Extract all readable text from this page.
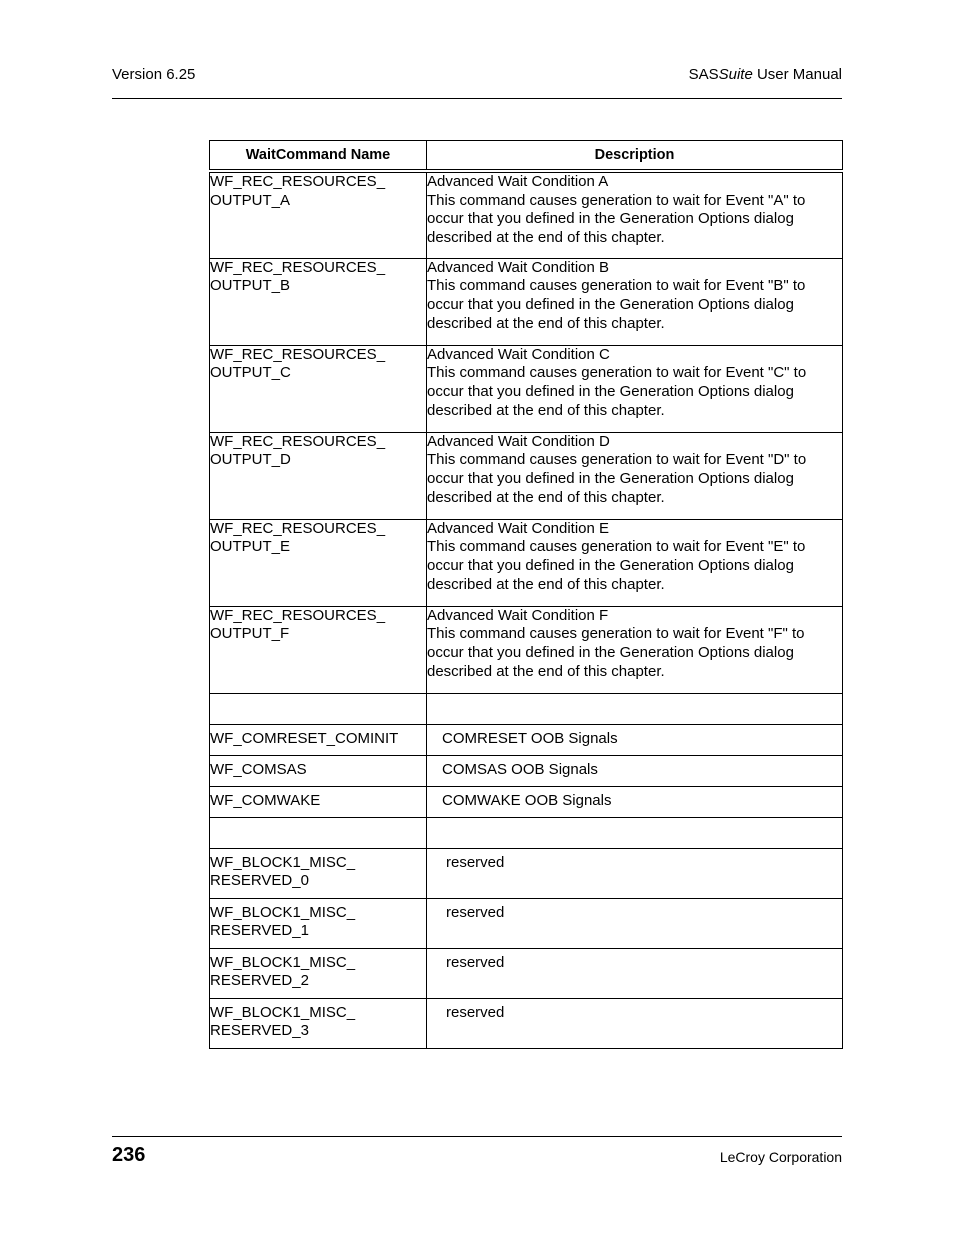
Version 6.25	SASSuite User Manual
WaitCommand Name	Description

WF_REC_RESOURCES_
OUTPUT_A	Advanced Wait Condition A
This command causes generation to wait for Event "A" to
occur that you defined in the Generation Options dialog
described at the end of this chapter.

WF_REC_RESOURCES_
OUTPUT_B	Advanced Wait Condition B
This command causes generation to wait for Event "B" to
occur that you defined in the Generation Options dialog
described at the end of this chapter.

WF_REC_RESOURCES_
OUTPUT_C	Advanced Wait Condition C
This command causes generation to wait for Event "C" to
occur that you defined in the Generation Options dialog
described at the end of this chapter.

WF_REC_RESOURCES_
OUTPUT_D	Advanced Wait Condition D
This command causes generation to wait for Event "D" to
occur that you defined in the Generation Options dialog
described at the end of this chapter.

WF_REC_RESOURCES_
OUTPUT_E	Advanced Wait Condition E
This command causes generation to wait for Event "E" to
occur that you defined in the Generation Options dialog
described at the end of this chapter.

WF_REC_RESOURCES_
OUTPUT_F	Advanced Wait Condition F
This command causes generation to wait for Event "F" to
occur that you defined in the Generation Options dialog
described at the end of this chapter.

WF_COMRESET_COMINIT	COMRESET OOB Signals
WF_COMSAS	COMSAS OOB Signals
WF_COMWAKE	COMWAKE OOB Signals

WF_BLOCK1_MISC_
RESERVED_0	reserved

WF_BLOCK1_MISC_
RESERVED_1	reserved

WF_BLOCK1_MISC_
RESERVED_2	reserved

WF_BLOCK1_MISC_
RESERVED_3	reserved
236	LeCroy Corporation
